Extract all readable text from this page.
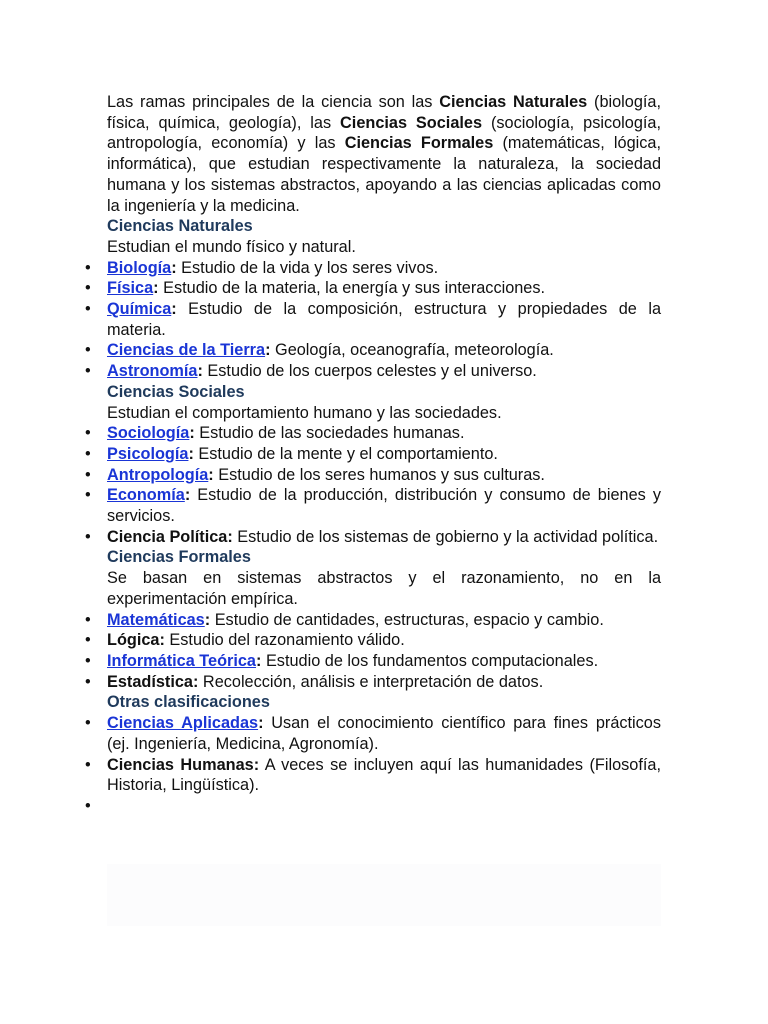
Las ramas principales de la ciencia son las Ciencias Naturales (biología, física, química, geología), las Ciencias Sociales (sociología, psicología, antropología, economía) y las Ciencias Formales (matemáticas, lógica, informática), que estudian respectivamente la naturaleza, la sociedad humana y los sistemas abstractos, apoyando a las ciencias aplicadas como la ingeniería y la medicina.

Ciencias Naturales

Estudian el mundo físico y natural.

• Biología: Estudio de la vida y los seres vivos.
• Física: Estudio de la materia, la energía y sus interacciones.
• Química: Estudio de la composición, estructura y propiedades de la materia.
• Ciencias de la Tierra: Geología, oceanografía, meteorología.
• Astronomía: Estudio de los cuerpos celestes y el universo.

Ciencias Sociales

Estudian el comportamiento humano y las sociedades.

• Sociología: Estudio de las sociedades humanas.
• Psicología: Estudio de la mente y el comportamiento.
• Antropología: Estudio de los seres humanos y sus culturas.
• Economía: Estudio de la producción, distribución y consumo de bienes y servicios.
• Ciencia Política: Estudio de los sistemas de gobierno y la actividad política.

Ciencias Formales

Se basan en sistemas abstractos y el razonamiento, no en la experimentación empírica.

• Matemáticas: Estudio de cantidades, estructuras, espacio y cambio.
• Lógica: Estudio del razonamiento válido.
• Informática Teórica: Estudio de los fundamentos computacionales.
• Estadística: Recolección, análisis e interpretación de datos.

Otras clasificaciones

• Ciencias Aplicadas: Usan el conocimiento científico para fines prácticos (ej. Ingeniería, Medicina, Agronomía).
• Ciencias Humanas: A veces se incluyen aquí las humanidades (Filosofía, Historia, Lingüística).
•
